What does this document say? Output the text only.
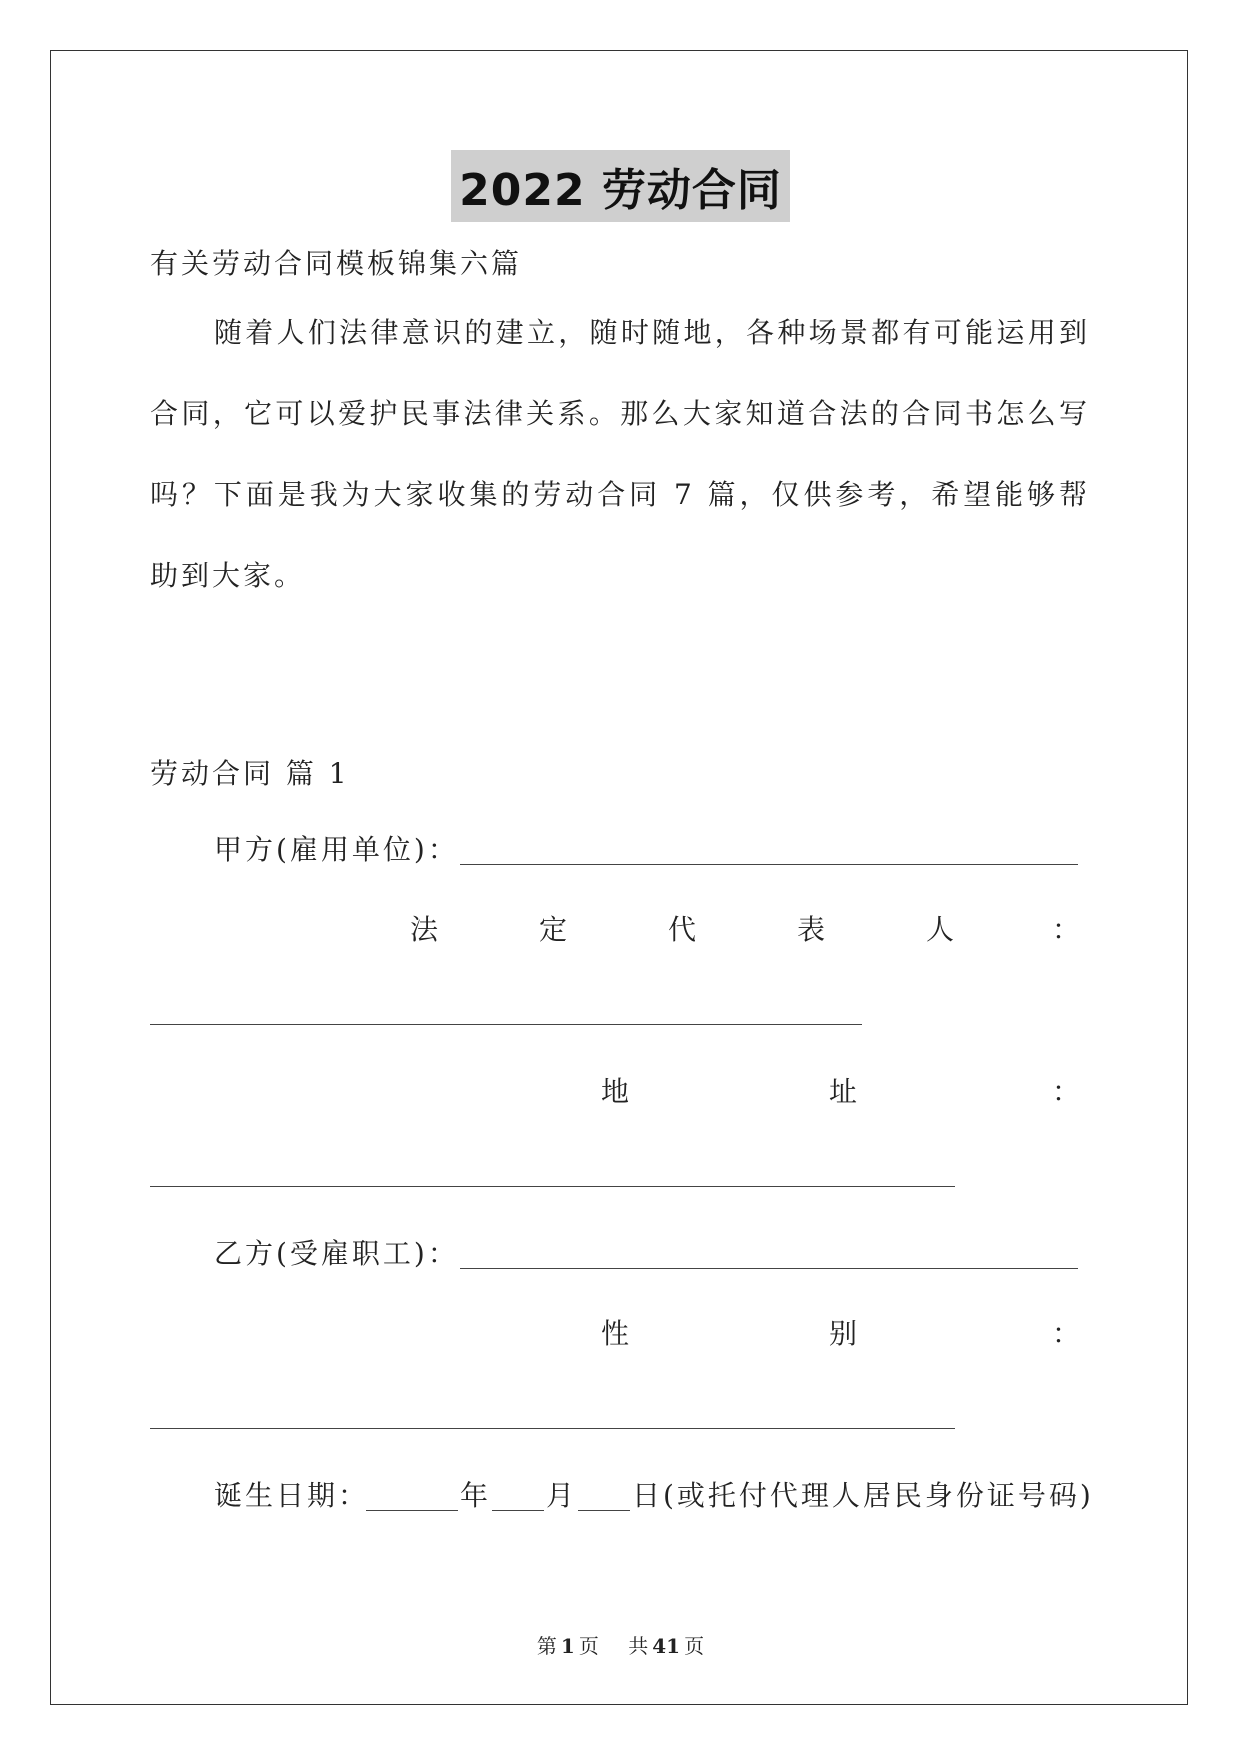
2022 劳动合同
有关劳动合同模板锦集六篇
随着人们法律意识的建立，随时随地，各种场景都有可能运用到合同，它可以爱护民事法律关系。那么大家知道合法的合同书怎么写吗？下面是我为大家收集的劳动合同 7 篇，仅供参考，希望能够帮助到大家。
劳动合同 篇 1
甲方(雇用单位)：
法	定	代	表	人	：
地	址	：
乙方(受雇职工)：
性	别	：
诞生日期：	年 月 日(或托付代理人居民身份证号码)
第 1 页 共 41 页
